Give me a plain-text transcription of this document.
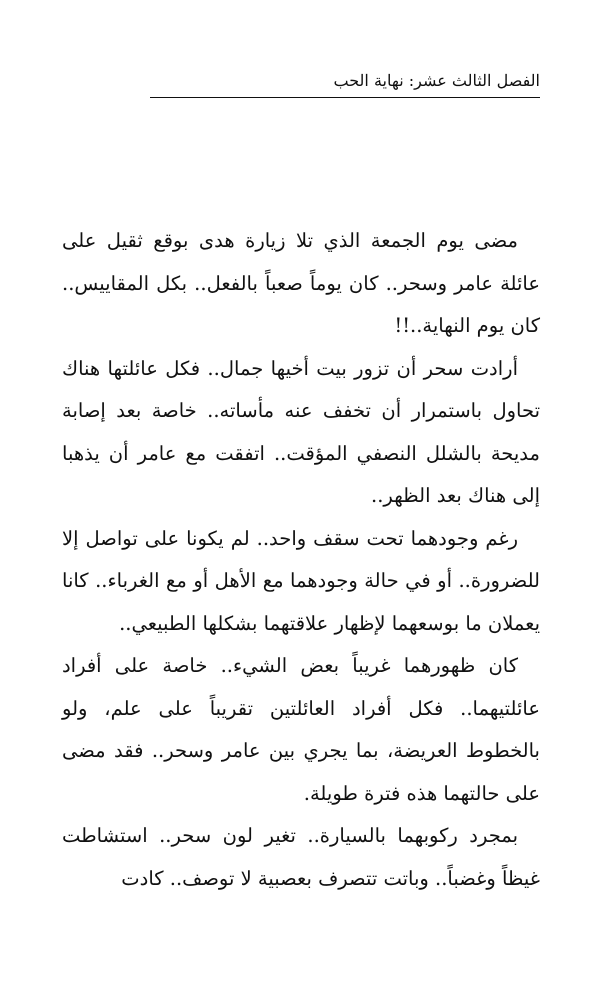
الفصل الثالث عشر: نهاية الحب

مضى يوم الجمعة الذي تلا زيارة هدى بوقع ثقيل على عائلة عامر وسحر.. كان يوماً صعباً بالفعل.. بكل المقاييس.. كان يوم النهاية..!!

أرادت سحر أن تزور بيت أخيها جمال.. فكل عائلتها هناك تحاول باستمرار أن تخفف عنه مأساته.. خاصة بعد إصابة مديحة بالشلل النصفي المؤقت.. اتفقت مع عامر أن يذهبا إلى هناك بعد الظهر..

رغم وجودهما تحت سقف واحد.. لم يكونا على تواصل إلا للضرورة.. أو في حالة وجودهما مع الأهل أو مع الغرباء.. كانا يعملان ما بوسعهما لإظهار علاقتهما بشكلها الطبيعي..

كان ظهورهما غريباً بعض الشيء.. خاصة على أفراد عائلتيهما.. فكل أفراد العائلتين تقريباً على علم، ولو بالخطوط العريضة، بما يجري بين عامر وسحر.. فقد مضى على حالتهما هذه فترة طويلة.

بمجرد ركوبهما بالسيارة.. تغير لون سحر.. استشاطت غيظاً وغضباً.. وباتت تتصرف بعصبية لا توصف.. كادت
